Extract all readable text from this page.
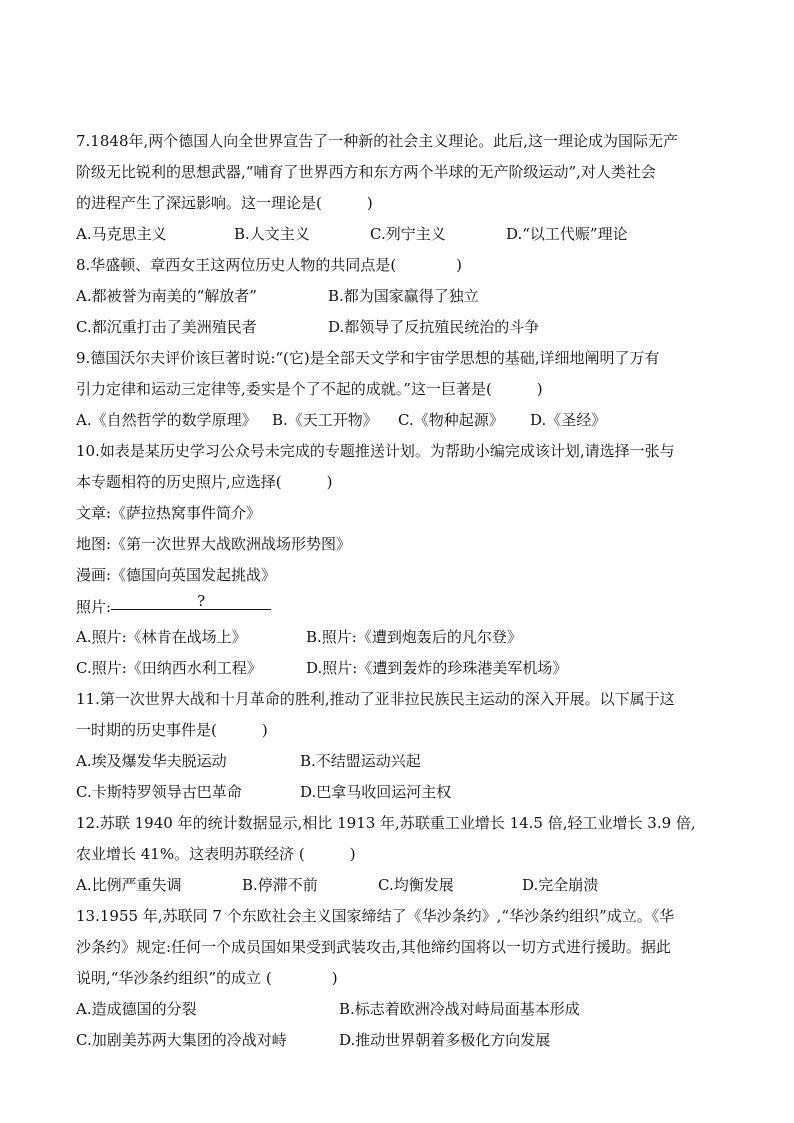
7.1848年,两个德国人向全世界宣告了一种新的社会主义理论。此后,这一理论成为国际无产
阶级无比锐利的思想武器,“哺育了世界西方和东方两个半球的无产阶级运动”,对人类社会
的进程产生了深远影响。这一理论是(　　　)
A.马克思主义	B.人文主义	C.列宁主义	D.“以工代赈”理论
8.华盛顿、章西女王这两位历史人物的共同点是(　　　　)
A.都被誉为南美的“解放者”	B.都为国家赢得了独立
C.都沉重打击了美洲殖民者	D.都领导了反抗殖民统治的斗争
9.德国沃尔夫评价该巨著时说:“(它)是全部天文学和宇宙学思想的基础,详细地阐明了万有
引力定律和运动三定律等,委实是个了不起的成就。”这一巨著是(　　　)
A.《自然哲学的数学原理》	B.《天工开物》	C.《物种起源》	D.《圣经》
10.如表是某历史学习公众号未完成的专题推送计划。为帮助小编完成该计划,请选择一张与
本专题相符的历史照片,应选择(　　　)
文章:《萨拉热窝事件简介》
地图:《第一次世界大战欧洲战场形势图》
漫画:《德国向英国发起挑战》
照片:	?
A.照片:《林肯在战场上》	B.照片:《遭到炮轰后的凡尔登》
C.照片:《田纳西水利工程》	D.照片:《遭到轰炸的珍珠港美军机场》
11.第一次世界大战和十月革命的胜利,推动了亚非拉民族民主运动的深入开展。以下属于这
一时期的历史事件是(　　　)
A.埃及爆发华夫脱运动	B.不结盟运动兴起
C.卡斯特罗领导古巴革命	D.巴拿马收回运河主权
12.苏联 1940 年的统计数据显示,相比 1913 年,苏联重工业增长 14.5 倍,轻工业增长 3.9 倍,
农业增长 41%。这表明苏联经济 (　　　)
A.比例严重失调	B.停滞不前	C.均衡发展	D.完全崩溃
13.1955 年,苏联同 7 个东欧社会主义国家缔结了《华沙条约》,“华沙条约组织”成立。《华
沙条约》规定:任何一个成员国如果受到武装攻击,其他缔约国将以一切方式进行援助。据此
说明,“华沙条约组织”的成立 (　　　　)
A.造成德国的分裂	B.标志着欧洲冷战对峙局面基本形成
C.加剧美苏两大集团的冷战对峙	D.推动世界朝着多极化方向发展
